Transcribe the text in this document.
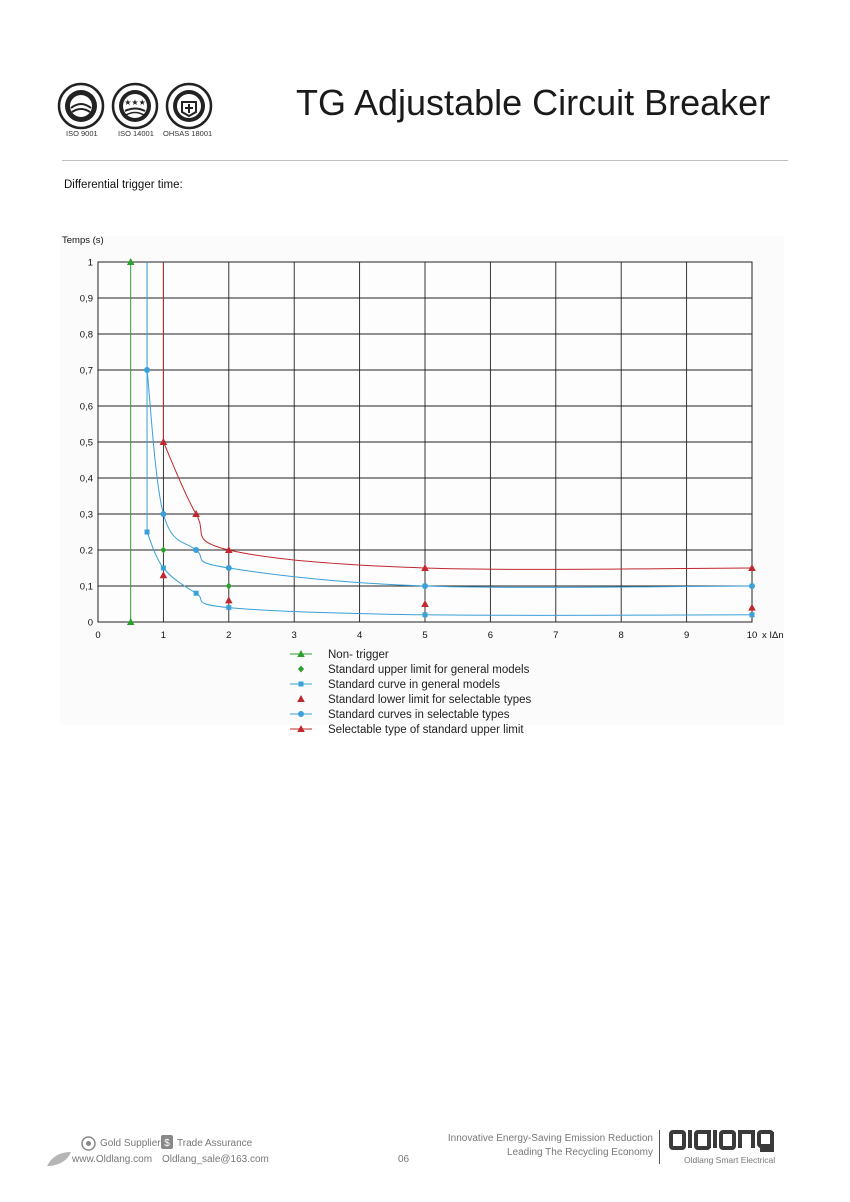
ISO 9001
★★★
ISO 14001 OHSAS 18001
TG Adjustable Circuit Breaker
Differential trigger time:
Temps (s)
x IΔn
0	1	2	3	4	5	6	7	8	9	10
0
0,1
0.2
0,3
0,4
0,5
0,6
0,7
0,8
0,9
1
Non- trigger
Standard upper limit for general models
Standard curve in general models
Standard lower limit for selectable types
Standard curves in selectable types
Selectable type of standard upper limit
Gold Supplier $ Trade Assurance
www.Oldlang.com Oldlang_sale@163.com	06
Innovative Energy-Saving Emission Reduction
Leading The Recycling Economy
Oldlang Smart Electrical
